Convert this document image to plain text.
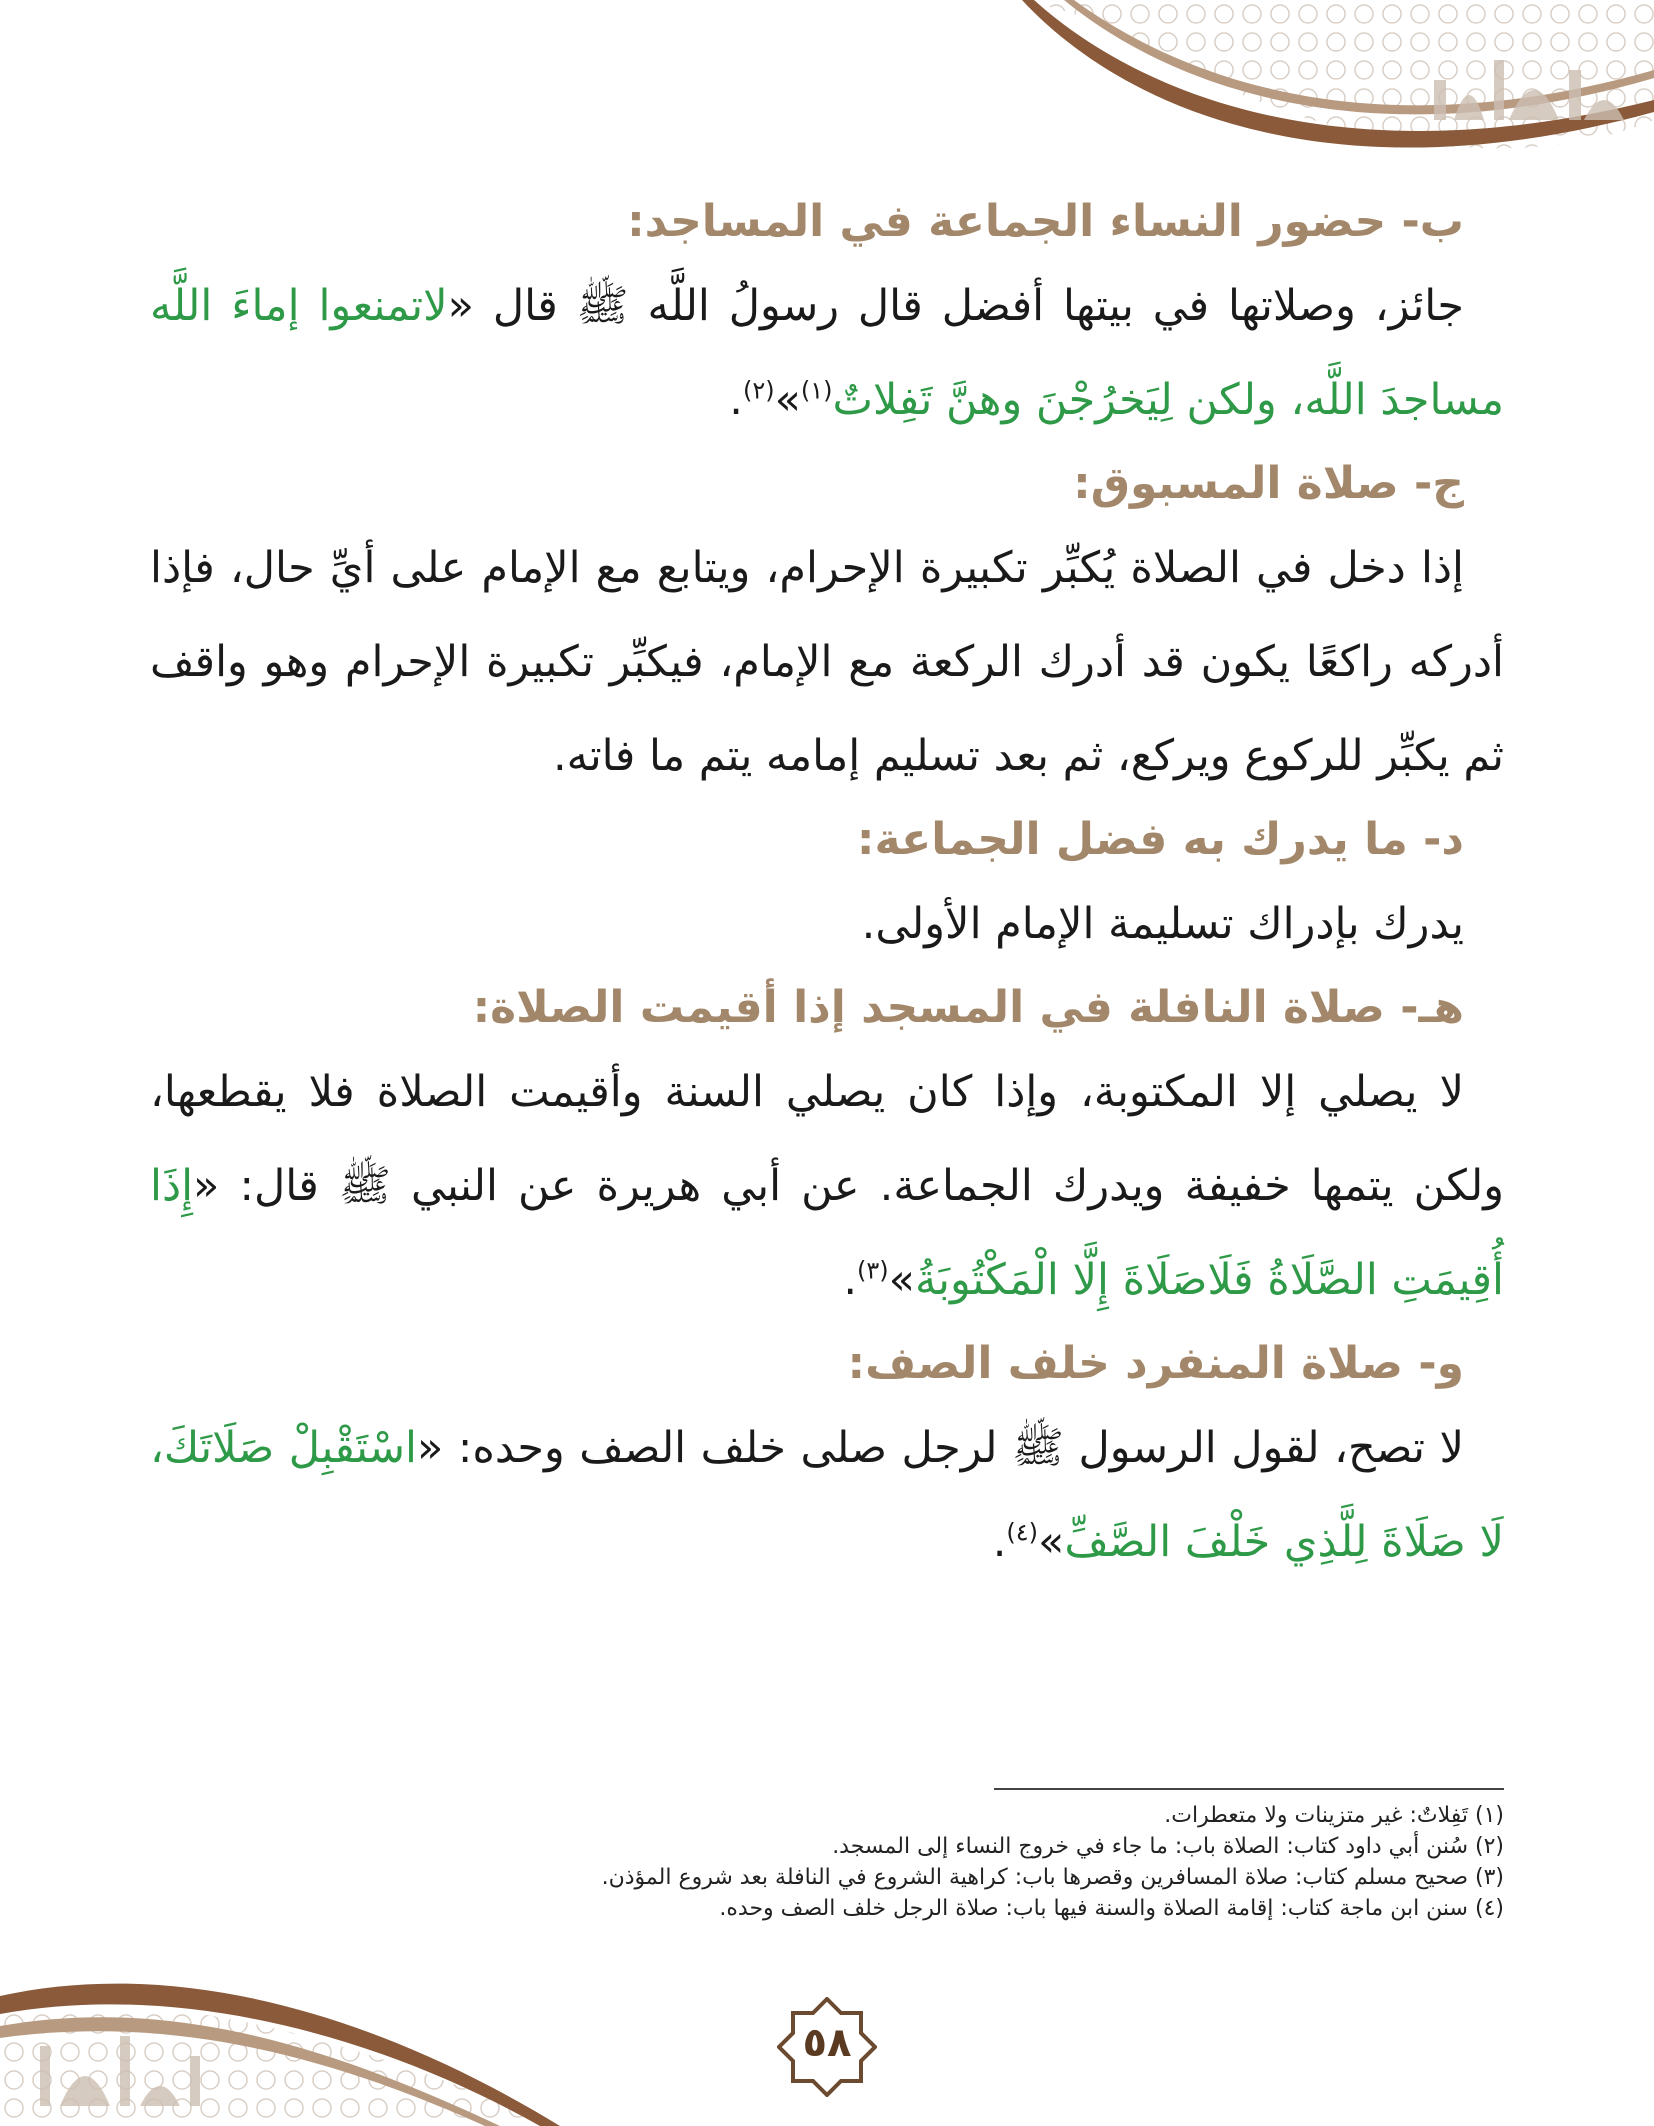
ب- حضور النساء الجماعة في المساجد:

جائز، وصلاتها في بيتها أفضل قال رسولُ اللَّه ﷺ قال «لاتمنعوا إماءَ اللَّه مساجدَ اللَّه، ولكن لِيَخرُجْنَ وهنَّ تَفِلاتٌ$^{(١)}$»$^{(٢)}$.

ج- صلاة المسبوق:

إذا دخل في الصلاة يُكبِّر تكبيرة الإحرام، ويتابع مع الإمام على أيِّ حال، فإذا أدركه راكعًا يكون قد أدرك الركعة مع الإمام، فيكبِّر تكبيرة الإحرام وهو واقف ثم يكبِّر للركوع ويركع، ثم بعد تسليم إمامه يتم ما فاته.

د- ما يدرك به فضل الجماعة:

يدرك بإدراك تسليمة الإمام الأولى.

هـ- صلاة النافلة في المسجد إذا أقيمت الصلاة:

لا يصلي إلا المكتوبة، وإذا كان يصلي السنة وأقيمت الصلاة فلا يقطعها، ولكن يتمها خفيفة ويدرك الجماعة. عن أبي هريرة عن النبي ﷺ قال: «إِذَا أُقِيمَتِ الصَّلَاةُ فَلَاصَلَاةَ إِلَّا الْمَكْتُوبَةُ»$^{(٣)}$.

و- صلاة المنفرد خلف الصف:

لا تصح، لقول الرسول ﷺ لرجل صلى خلف الصف وحده: «اسْتَقْبِلْ صَلَاتَكَ، لَا صَلَاةَ لِلَّذِي خَلْفَ الصَّفِّ»$^{(٤)}$.

(١) تَفِلاتٌ: غير متزينات ولا متعطرات.
(٢) سُنن أبي داود كتاب: الصلاة باب: ما جاء في خروج النساء إلى المسجد.
(٣) صحيح مسلم كتاب: صلاة المسافرين وقصرها باب: كراهية الشروع في النافلة بعد شروع المؤذن.
(٤) سنن ابن ماجة كتاب: إقامة الصلاة والسنة فيها باب: صلاة الرجل خلف الصف وحده.
٥٨
